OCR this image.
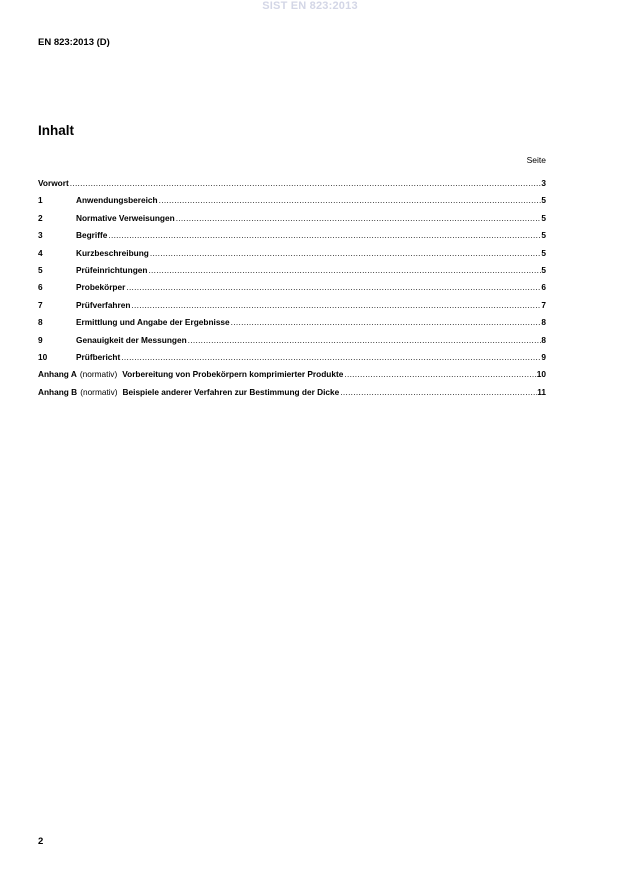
SIST EN 823:2013
EN 823:2013 (D)
Inhalt
Seite
Vorwort .....	3
1	Anwendungsbereich .....	5
2	Normative Verweisungen .....	5
3	Begriffe .....	5
4	Kurzbeschreibung .....	5
5	Prüfeinrichtungen .....	5
6	Probekörper .....	6
7	Prüfverfahren .....	7
8	Ermittlung und Angabe der Ergebnisse .....	8
9	Genauigkeit der Messungen .....	8
10	Prüfbericht .....	9
Anhang A (normativ) Vorbereitung von Probekörpern komprimierter Produkte .....	10
Anhang B (normativ) Beispiele anderer Verfahren zur Bestimmung der Dicke .....	11
2
